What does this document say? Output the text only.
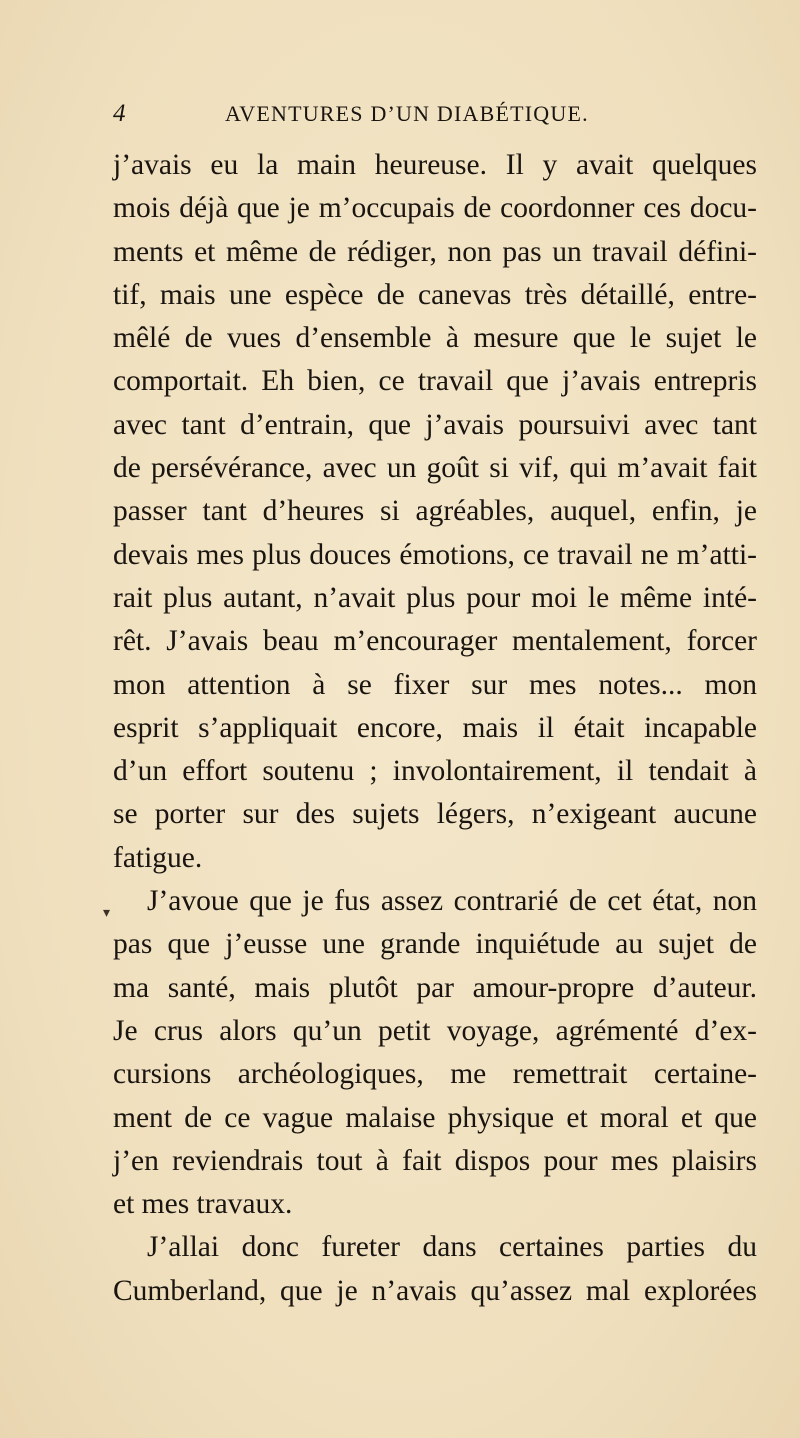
4	AVENTURES D’UN DIABÉTIQUE.
▾
j’avais eu la main heureuse. Il y avait quelques
mois déjà que je m’occupais de coordonner ces docu-
ments et même de rédiger, non pas un travail défini-
tif, mais une espèce de canevas très détaillé, entre-
mêlé de vues d’ensemble à mesure que le sujet le
comportait. Eh bien, ce travail que j’avais entrepris
avec tant d’entrain, que j’avais poursuivi avec tant
de persévérance, avec un goût si vif, qui m’avait fait
passer tant d’heures si agréables, auquel, enfin, je
devais mes plus douces émotions, ce travail ne m’atti-
rait plus autant, n’avait plus pour moi le même inté-
rêt. J’avais beau m’encourager mentalement, forcer
mon attention à se fixer sur mes notes... mon
esprit s’appliquait encore, mais il était incapable
d’un effort soutenu ; involontairement, il tendait à
se porter sur des sujets légers, n’exigeant aucune
fatigue.
J’avoue que je fus assez contrarié de cet état, non
pas que j’eusse une grande inquiétude au sujet de
ma santé, mais plutôt par amour-propre d’auteur.
Je crus alors qu’un petit voyage, agrémenté d’ex-
cursions archéologiques, me remettrait certaine-
ment de ce vague malaise physique et moral et que
j’en reviendrais tout à fait dispos pour mes plaisirs
et mes travaux.
J’allai donc fureter dans certaines parties du
Cumberland, que je n’avais qu’assez mal explorées
